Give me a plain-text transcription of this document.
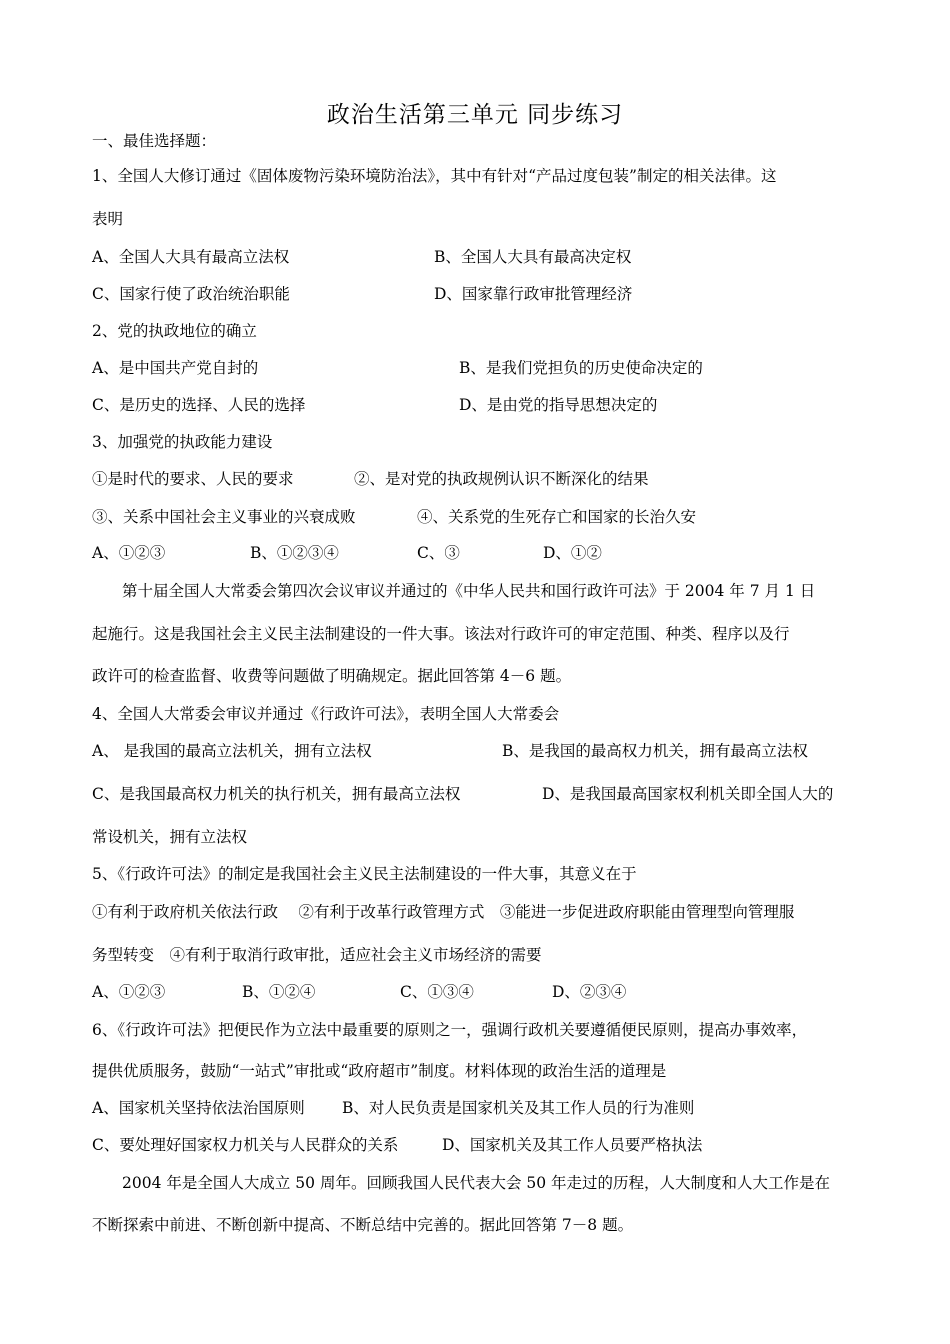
政治生活第三单元 同步练习
一、最佳选择题：
1、全国人大修订通过《固体废物污染环境防治法》，其中有针对“产品过度包装”制定的相关法律。这
表明
A、全国人大具有最高立法权	B、全国人大具有最高决定权
C、国家行使了政治统治职能	D、国家靠行政审批管理经济
2、党的执政地位的确立
A、是中国共产党自封的	B、是我们党担负的历史使命决定的
C、是历史的选择、人民的选择	D、是由党的指导思想决定的
3、加强党的执政能力建设
①是时代的要求、人民的要求	②、是对党的执政规例认识不断深化的结果
③、关系中国社会主义事业的兴衰成败	④、关系党的生死存亡和国家的长治久安
A、①②③	B、①②③④	C、③	D、①②
第十届全国人大常委会第四次会议审议并通过的《中华人民共和国行政许可法》于 2004 年 7 月 1 日
起施行。这是我国社会主义民主法制建设的一件大事。该法对行政许可的审定范围、种类、程序以及行
政许可的检查监督、收费等问题做了明确规定。据此回答第 4－6 题。
4、全国人大常委会审议并通过《行政许可法》，表明全国人大常委会
A、 是我国的最高立法机关，拥有立法权	B、是我国的最高权力机关，拥有最高立法权
C、是我国最高权力机关的执行机关，拥有最高立法权	D、是我国最高国家权利机关即全国人大的
常设机关，拥有立法权
5、《行政许可法》的制定是我国社会主义民主法制建设的一件大事，其意义在于
①有利于政府机关依法行政　 ②有利于改革行政管理方式　③能进一步促进政府职能由管理型向管理服
务型转变　④有利于取消行政审批，适应社会主义市场经济的需要
A、①②③	B、①②④	C、①③④	D、②③④
6、《行政许可法》把便民作为立法中最重要的原则之一，强调行政机关要遵循便民原则，提高办事效率，
提供优质服务，鼓励“一站式”审批或“政府超市”制度。材料体现的政治生活的道理是
A、国家机关坚持依法治国原则 B、对人民负责是国家机关及其工作人员的行为准则
C、要处理好国家权力机关与人民群众的关系	D、国家机关及其工作人员要严格执法
2004 年是全国人大成立 50 周年。回顾我国人民代表大会 50 年走过的历程，人大制度和人大工作是在
不断探索中前进、不断创新中提高、不断总结中完善的。据此回答第 7－8 题。
